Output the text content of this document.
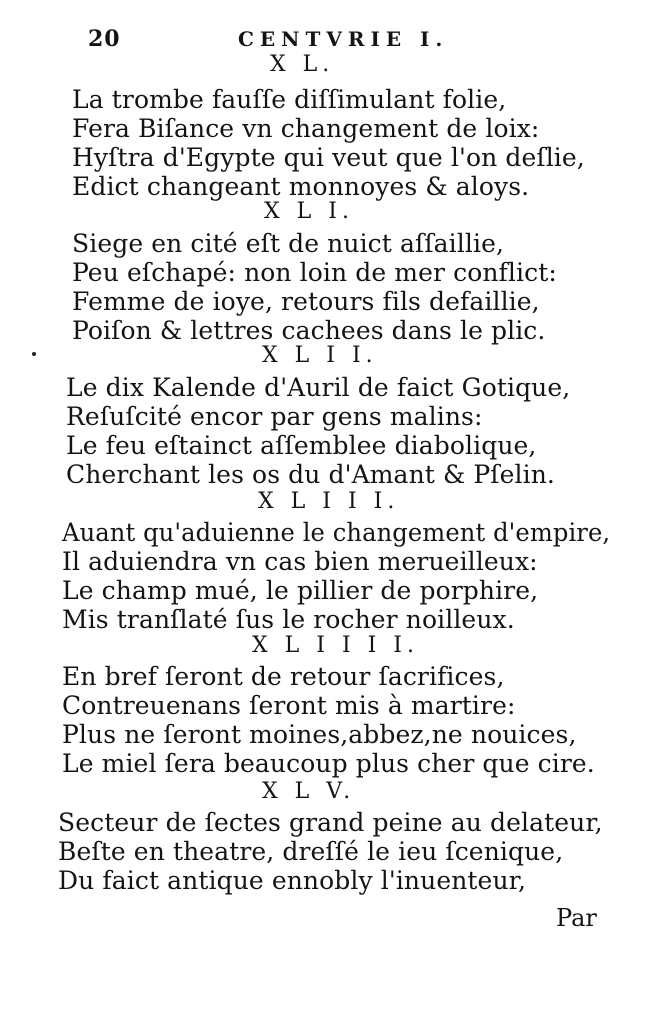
20	CENTVRIE I.
X L.
La trombe fauſſe diſſimulant folie,
Fera Biſance vn changement de loix:
Hyſtra d'Egypte qui veut que l'on deſlie,
Edict changeant monnoyes & aloys.
X L I.
Siege en cité eſt de nuict aſſaillie,
Peu eſchapé: non loin de mer conflict:
Femme de ioye, retours fils defaillie,
Poiſon & lettres cachees dans le plic.
X L I I.
Le dix Kalende d'Auril de faict Gotique,
Reſuſcité encor par gens malins:
Le feu eſtainct aſſemblee diabolique,
Cherchant les os du d'Amant & Pſelin.
X L I I I.
Auant qu'aduienne le changement d'empire,
Il aduiendra vn cas bien merueilleux:
Le champ mué, le pillier de porphire,
Mis tranſlaté ſus le rocher noilleux.
X L I I I I.
En bref ſeront de retour ſacrifices,
Contreuenans ſeront mis à martire:
Plus ne ſeront moines,abbez,ne nouices,
Le miel ſera beaucoup plus cher que cire.
X L V.
Secteur de ſectes grand peine au delateur,
Beſte en theatre, dreſſé le ieu ſcenique,
Du faict antique ennobly l'inuenteur,
Par
